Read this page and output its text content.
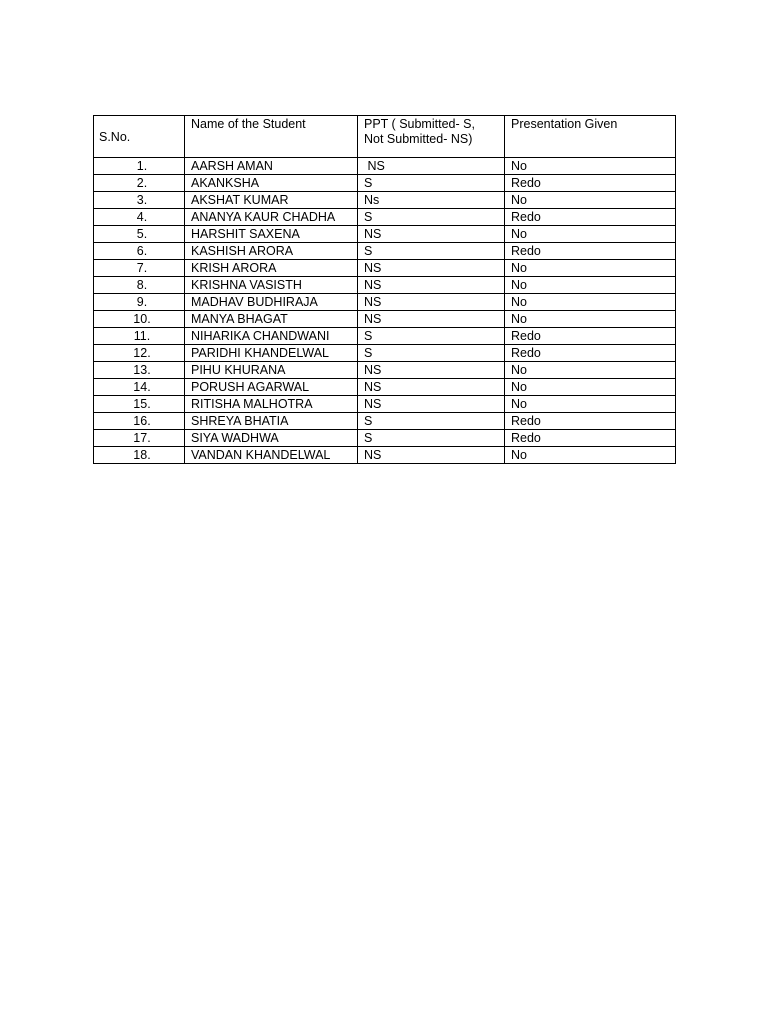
S.No.	Name of the Student	PPT ( Submitted- S,
Not Submitted- NS)	Presentation Given
1.	AARSH AMAN	NS	No
2.	AKANKSHA	S	Redo
3.	AKSHAT KUMAR	Ns	No
4.	ANANYA KAUR CHADHA	S	Redo
5.	HARSHIT SAXENA	NS	No
6.	KASHISH ARORA	S	Redo
7.	KRISH ARORA	NS	No
8.	KRISHNA VASISTH	NS	No
9.	MADHAV BUDHIRAJA	NS	No
10.	MANYA BHAGAT	NS	No
11.	NIHARIKA CHANDWANI	S	Redo
12.	PARIDHI KHANDELWAL	S	Redo
13.	PIHU KHURANA	NS	No
14.	PORUSH AGARWAL	NS	No
15.	RITISHA MALHOTRA	NS	No
16.	SHREYA BHATIA	S	Redo
17.	SIYA WADHWA	S	Redo
18.	VANDAN KHANDELWAL	NS	No
